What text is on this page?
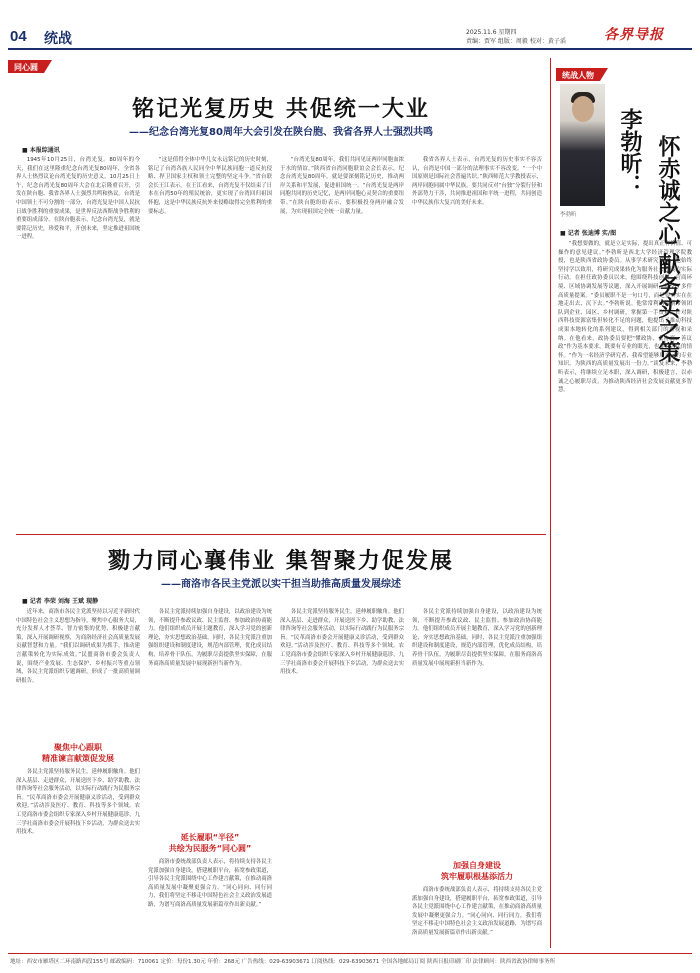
04 统战	2025.11.6 星期四
责编：贾军 组版：周毅 校对：黄子滔	各界导报
同心圆
统战人物
铭记光复历史 共促统一大业
——纪念台湾光复80周年大会引发在陕台胞、我省各界人士强烈共鸣
■ 本报综通讯
1945年10月25日，台湾光复。80周年的今天，我们在这里隆重纪念台湾光复80周年，全省各界人士热烈议论台湾光复的历史意义。10月25日上午，纪念台湾光复80周年大会在北京隆重召开，引发在陕台胞、我省各界人士强烈共鸣和热议。台湾是中国领土不可分割的一部分，台湾光复是中国人民抗日战争胜利的重要成果，是世界反法西斯战争胜利的重要组成部分。在陕台胞表示，纪念台湾光复，就是要铭记历史，珍爱和平，开创未来，坚定推进祖国统一进程。
“这是值得全体中华儿女永远铭记的历史时刻，铭记了台湾各族人民同全中华民族同胞一道反抗侵略、捍卫国家主权和领土完整的坚定斗争。”省台联会长王江表示。在王江看来，台湾光复不仅结束了日本在台湾50年的殖民统治，更实现了台湾回归祖国怀抱，这是中华民族反抗外来侵略取得完全胜利的重要标志。
“台湾光复80周年，我们共同见证两岸同胞血浓于水的情谊。”陕西省台湾同胞联谊会会长表示，纪念台湾光复80周年，就是要深刻铭记历史，推动两岸关系和平发展，促进祖国统一。“台湾光复是两岸同胞共同的历史记忆，是两岸同胞心灵契合的重要纽带。”在陕台胞纷纷表示，要积极投身两岸融合发展，为实现祖国完全统一贡献力量。
我省各界人士表示，台湾光复的历史事实不容否认，台湾是中国一部分的法理事实不容改变。“一个中国原则是国际社会普遍共识。”陕西师范大学教授表示，两岸同胞同属中华民族，要共同反对“台独”分裂行径和外部势力干涉，共同推进祖国和平统一进程，共同创造中华民族伟大复兴的美好未来。
勠力同心襄伟业 集智聚力促发展
——商洛市各民主党派以实干担当助推高质量发展综述
■ 记者 李荣 刘海 王斌 现静
近年来，商洛市各民主党派坚持以习近平新时代中国特色社会主义思想为指导，聚焦中心服务大局，充分发挥人才荟萃、智力密集的优势，积极建言献策，深入开展调研视察，为商洛经济社会高质量发展贡献智慧和力量。“我们以调研成果为抓手，推动建言献策转化为实际成效。”民盟商洛市委会负责人说，围绕产业发展、生态保护、乡村振兴等重点领域，各民主党派组织专题调研，形成了一批高质量调研报告。
聚焦中心跟职
精准谏言献策促发展
各民主党派坚持服务民生，延伸履职触角。他们深入基层、走进群众，开展送医下乡、助学助教、法律咨询等社会服务活动，以实际行动践行为民服务宗旨。“民革商洛市委会开展健康义诊活动，受到群众欢迎。”活动涉及医疗、教育、科技等多个领域。农工党商洛市委会组织专家深入乡村开展健康巡诊，九三学社商洛市委会开展科技下乡活动，为群众送去实用技术。
各民主党派持续加强自身建设，以政治建设为统领，不断提升参政议政、民主监督、参加政治协商能力。他们组织成员开展主题教育，深入学习党的创新理论，夯实思想政治基础。同时，各民主党派注重加强组织建设和制度建设，规范内部管理，优化成员结构，培养骨干队伍，为履职尽责提供坚实保障，在服务商洛高质量发展中展现新担当新作为。
延长履职“半径”
共绘为民服务“同心圆”
商洛市委统战部负责人表示，将持续支持各民主党派加强自身建设，搭建履职平台，拓宽参政渠道，引导各民主党派围绕中心工作建言献策，在推动商洛高质量发展中凝聚更强合力。“同心同向、同行同力，我们将坚定不移走中国特色社会主义政治发展道路，为谱写商洛高质量发展新篇章作出新贡献。”
各民主党派坚持服务民生，延伸履职触角。他们深入基层、走进群众，开展送医下乡、助学助教、法律咨询等社会服务活动，以实际行动践行为民服务宗旨。“民革商洛市委会开展健康义诊活动，受到群众欢迎。”活动涉及医疗、教育、科技等多个领域。农工党商洛市委会组织专家深入乡村开展健康巡诊，九三学社商洛市委会开展科技下乡活动，为群众送去实用技术。
加强自身建设
筑牢履职根基添活力
各民主党派持续加强自身建设，以政治建设为统领，不断提升参政议政、民主监督、参加政治协商能力。他们组织成员开展主题教育，深入学习党的创新理论，夯实思想政治基础。同时，各民主党派注重加强组织建设和制度建设，规范内部管理，优化成员结构，培养骨干队伍，为履职尽责提供坚实保障，在服务商洛高质量发展中展现新担当新作为。
商洛市委统战部负责人表示，将持续支持各民主党派加强自身建设，搭建履职平台，拓宽参政渠道，引导各民主党派围绕中心工作建言献策，在推动商洛高质量发展中凝聚更强合力。“同心同向、同行同力，我们将坚定不移走中国特色社会主义政治发展道路，为谱写商洛高质量发展新篇章作出新贡献。”
李勃昕
李勃昕： 怀赤诚之心 献务实之策
■ 记者 张迪博 实/图
“我想要做的，就是立足实际，提出真正有价值、可操作的意见建议。”李勃昕是西北大学经济管理学院教授，也是陕西省政协委员。从事学术研究多年，他始终坚持学以致用，将研究成果转化为服务社会发展的实际行动。在担任政协委员以来，他围绕科技创新、营商环境、区域协调发展等议题，深入开展调研，提交了多件高质量提案。“委员履职不是一句口号，而是要实实在在地走出去、沉下去。”李勃昕说。他常常利用假期带领团队到企业、园区、乡村调研，掌握第一手资料。针对陕西科技资源富集但转化不足的问题，他提出了推动科技成果本地转化的系列建议，得到相关部门的重视和采纳。在他看来，政协委员要把“懂政协、会协商、善议政”作为基本要求，既要有专业的眼光，也要有为民的情怀。“作为一名经济学研究者，我希望能够用自己的专业知识，为陕西的高质量发展出一份力。”谈及未来，李勃昕表示，将继续立足本职，深入调研，积极建言，以赤诚之心履职尽责，为推动陕西经济社会发展贡献更多智慧。
地址：西安市雁塔区二环南路西段155号 邮政编码：710061 定价：每份1.30元 年价：268元 广告热线：029-63903671 订阅热线：029-63903671 全国各地邮局订阅 陕西日报印刷厂印 法律顾问：陕西省政协律师事务所
